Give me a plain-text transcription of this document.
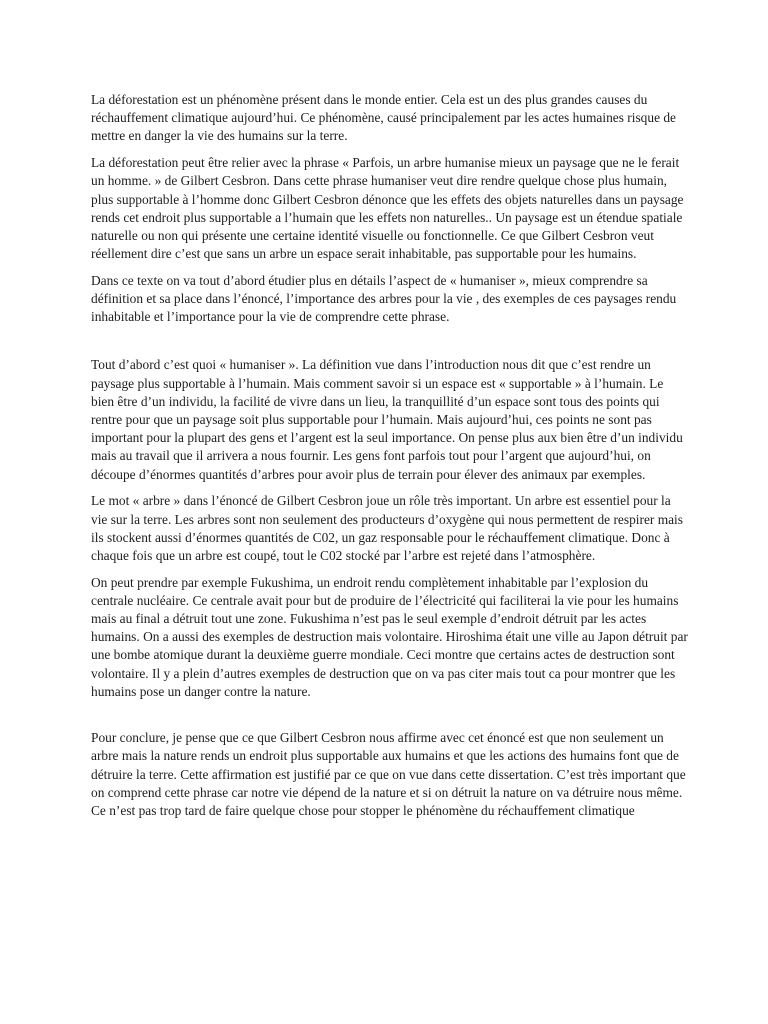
La déforestation est un phénomène présent dans le monde entier. Cela est un des plus grandes causes du réchauffement climatique aujourd’hui. Ce phénomène, causé principalement par les actes humaines risque de mettre en danger la vie des humains sur la terre.

La déforestation peut être relier avec la phrase « Parfois, un arbre humanise mieux un paysage que ne le ferait un homme. » de Gilbert Cesbron. Dans cette phrase humaniser veut dire rendre quelque chose plus humain, plus supportable à l’homme donc Gilbert Cesbron dénonce que les effets des objets naturelles dans un paysage rends cet endroit plus supportable a l’humain que les effets non naturelles.. Un paysage est un étendue spatiale naturelle ou non qui présente une certaine identité visuelle ou fonctionnelle. Ce que Gilbert Cesbron veut réellement dire c’est que sans un arbre un espace serait inhabitable, pas supportable pour les humains.

Dans ce texte on va tout d’abord étudier plus en détails l’aspect de « humaniser », mieux comprendre sa définition et sa place dans l’énoncé, l’importance des arbres pour la vie , des exemples de ces paysages rendu inhabitable et l’importance pour la vie de comprendre cette phrase.

Tout d’abord c’est quoi « humaniser ». La définition vue dans l’introduction nous dit que c’est rendre un paysage plus supportable à l’humain. Mais comment savoir si un espace est « supportable » à l’humain. Le bien être d’un individu, la facilité de vivre dans un lieu, la tranquillité d’un espace sont tous des points qui rentre pour que un paysage soit plus supportable pour l’humain. Mais aujourd’hui, ces points ne sont pas important pour la plupart des gens et l’argent est la seul importance. On pense plus aux bien être d’un individu mais au travail que il arrivera a nous fournir. Les gens font parfois tout pour l’argent que aujourd’hui, on découpe d’énormes quantités d’arbres pour avoir plus de terrain pour élever des animaux par exemples.

Le mot « arbre » dans l’énoncé de Gilbert Cesbron joue un rôle très important. Un arbre est essentiel pour la vie sur la terre. Les arbres sont non seulement des producteurs d’oxygène qui nous permettent de respirer mais ils stockent aussi d’énormes quantités de C02, un gaz responsable pour le réchauffement climatique. Donc à chaque fois que un arbre est coupé, tout le C02 stocké par l’arbre est rejeté dans l’atmosphère.

On peut prendre par exemple Fukushima, un endroit rendu complètement inhabitable par l’explosion du centrale nucléaire. Ce centrale avait pour but de produire de l’électricité qui faciliterai la vie pour les humains mais au final a détruit tout une zone. Fukushima n’est pas le seul exemple d’endroit détruit par les actes humains. On a aussi des exemples de destruction mais volontaire. Hiroshima était une ville au Japon détruit par une bombe atomique durant la deuxième guerre mondiale. Ceci montre que certains actes de destruction sont volontaire. Il y a plein d’autres exemples de destruction que on va pas citer mais tout ca pour montrer que les humains pose un danger contre la nature.

Pour conclure, je pense que ce que Gilbert Cesbron nous affirme avec cet énoncé est que non seulement un arbre mais la nature rends un endroit plus supportable aux humains et que les actions des humains font que de détruire la terre. Cette affirmation est justifié par ce que on vue dans cette dissertation. C’est très important que on comprend cette phrase car notre vie dépend de la nature et si on détruit la nature on va détruire nous même. Ce n’est pas trop tard de faire quelque chose pour stopper le phénomène du réchauffement climatique
